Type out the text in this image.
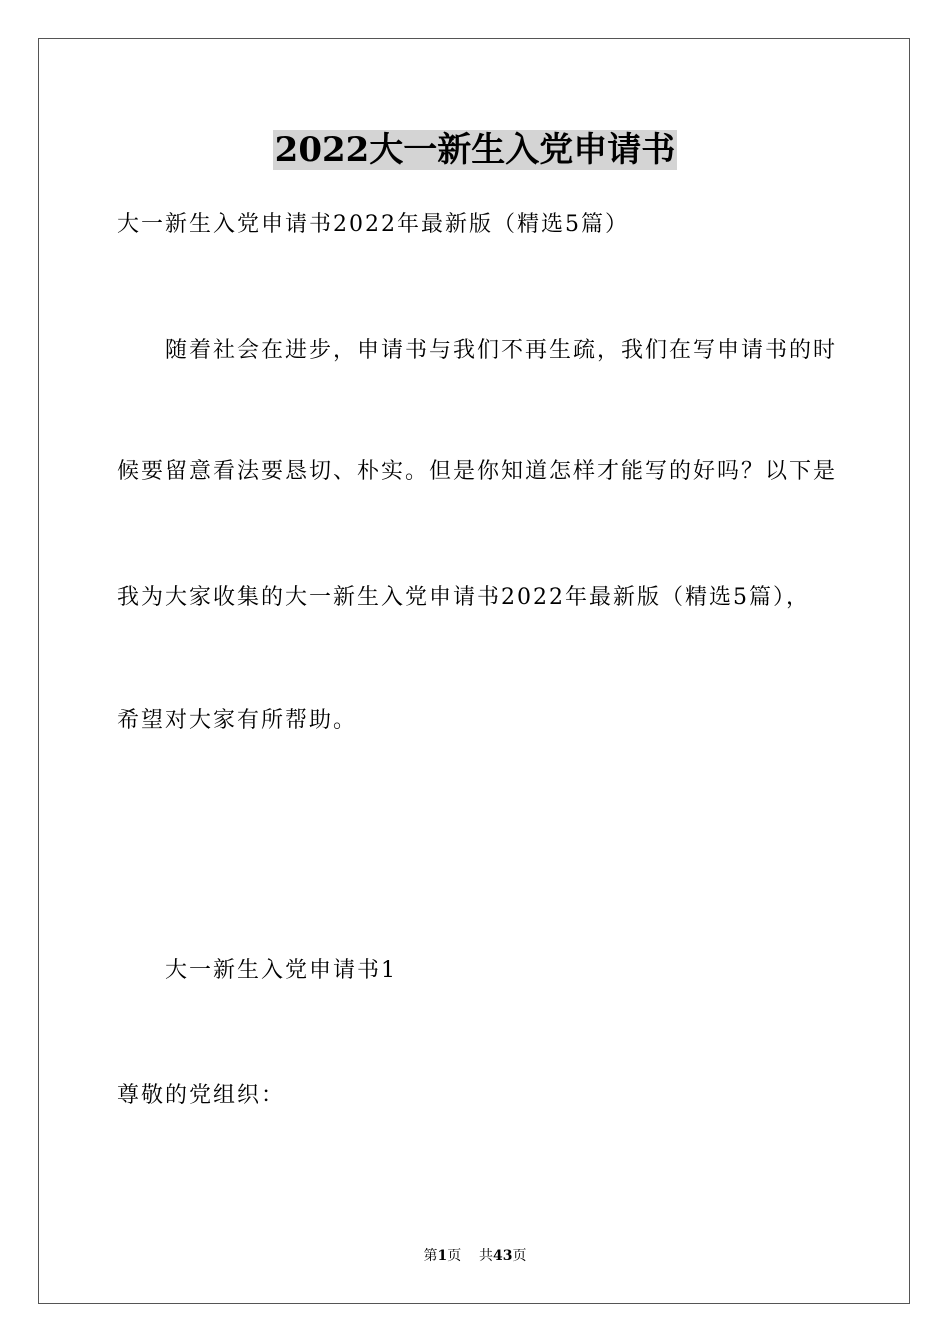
2022大一新生入党申请书
大一新生入党申请书2022年最新版（精选5篇）
随着社会在进步，申请书与我们不再生疏，我们在写申请书的时
候要留意看法要恳切、朴实。但是你知道怎样才能写的好吗？以下是
我为大家收集的大一新生入党申请书2022年最新版（精选5篇），
希望对大家有所帮助。
大一新生入党申请书1
尊敬的党组织：
第1页 共43页
